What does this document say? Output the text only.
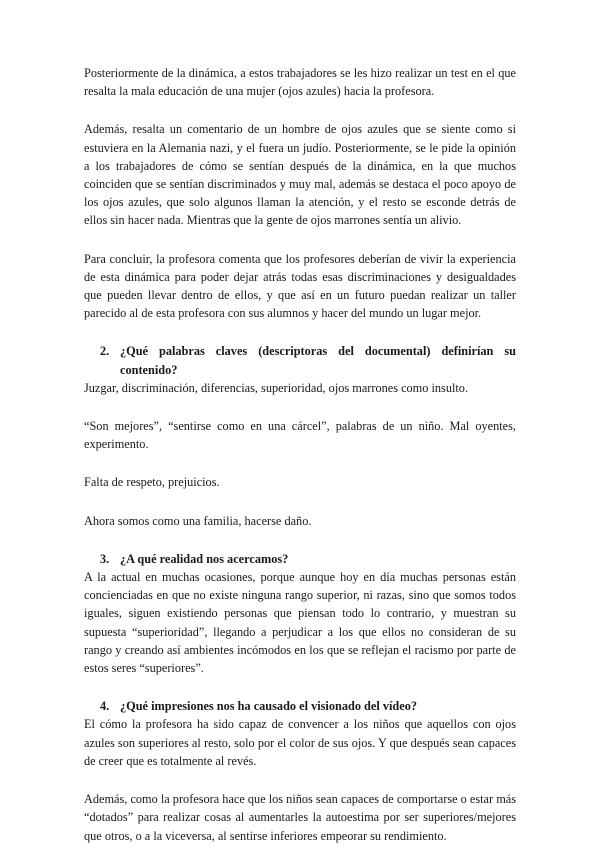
Posteriormente de la dinámica, a estos trabajadores se les hizo realizar un test en el que resalta la mala educación de una mujer (ojos azules) hacia la profesora.

Además, resalta un comentario de un hombre de ojos azules que se siente como si estuviera en la Alemania nazi, y el fuera un judío. Posteriormente, se le pide la opinión a los trabajadores de cómo se sentían después de la dinámica, en la que muchos coinciden que se sentían discriminados y muy mal, además se destaca el poco apoyo de los ojos azules, que solo algunos llaman la atención, y el resto se esconde detrás de ellos sin hacer nada. Mientras que la gente de ojos marrones sentía un alivio.

Para concluir, la profesora comenta que los profesores deberían de vivir la experiencia de esta dinámica para poder dejar atrás todas esas discriminaciones y desigualdades que pueden llevar dentro de ellos, y que así en un futuro puedan realizar un taller parecido al de esta profesora con sus alumnos y hacer del mundo un lugar mejor.

2. ¿Qué palabras claves (descriptoras del documental) definirían su contenido?

Juzgar, discriminación, diferencias, superioridad, ojos marrones como insulto.

“Son mejores”, “sentirse como en una cárcel”, palabras de un niño. Mal oyentes, experimento.

Falta de respeto, prejuicios.

Ahora somos como una familia, hacerse daño.

3. ¿A qué realidad nos acercamos?

A la actual en muchas ocasiones, porque aunque hoy en día muchas personas están concienciadas en que no existe ninguna rango superior, ni razas, sino que somos todos iguales, siguen existiendo personas que piensan todo lo contrario, y muestran su supuesta “superioridad”, llegando a perjudicar a los que ellos no consideran de su rango y creando así ambientes incómodos en los que se reflejan el racismo por parte de estos seres “superiores”.

4. ¿Qué impresiones nos ha causado el visionado del vídeo?

El cómo la profesora ha sido capaz de convencer a los niños que aquellos con ojos azules son superiores al resto, solo por el color de sus ojos. Y que después sean capaces de creer que es totalmente al revés.

Además, como la profesora hace que los niños sean capaces de comportarse o estar más “dotados” para realizar cosas al aumentarles la autoestima por ser superiores/mejores que otros, o a la viceversa, al sentirse inferiores empeorar su rendimiento.
